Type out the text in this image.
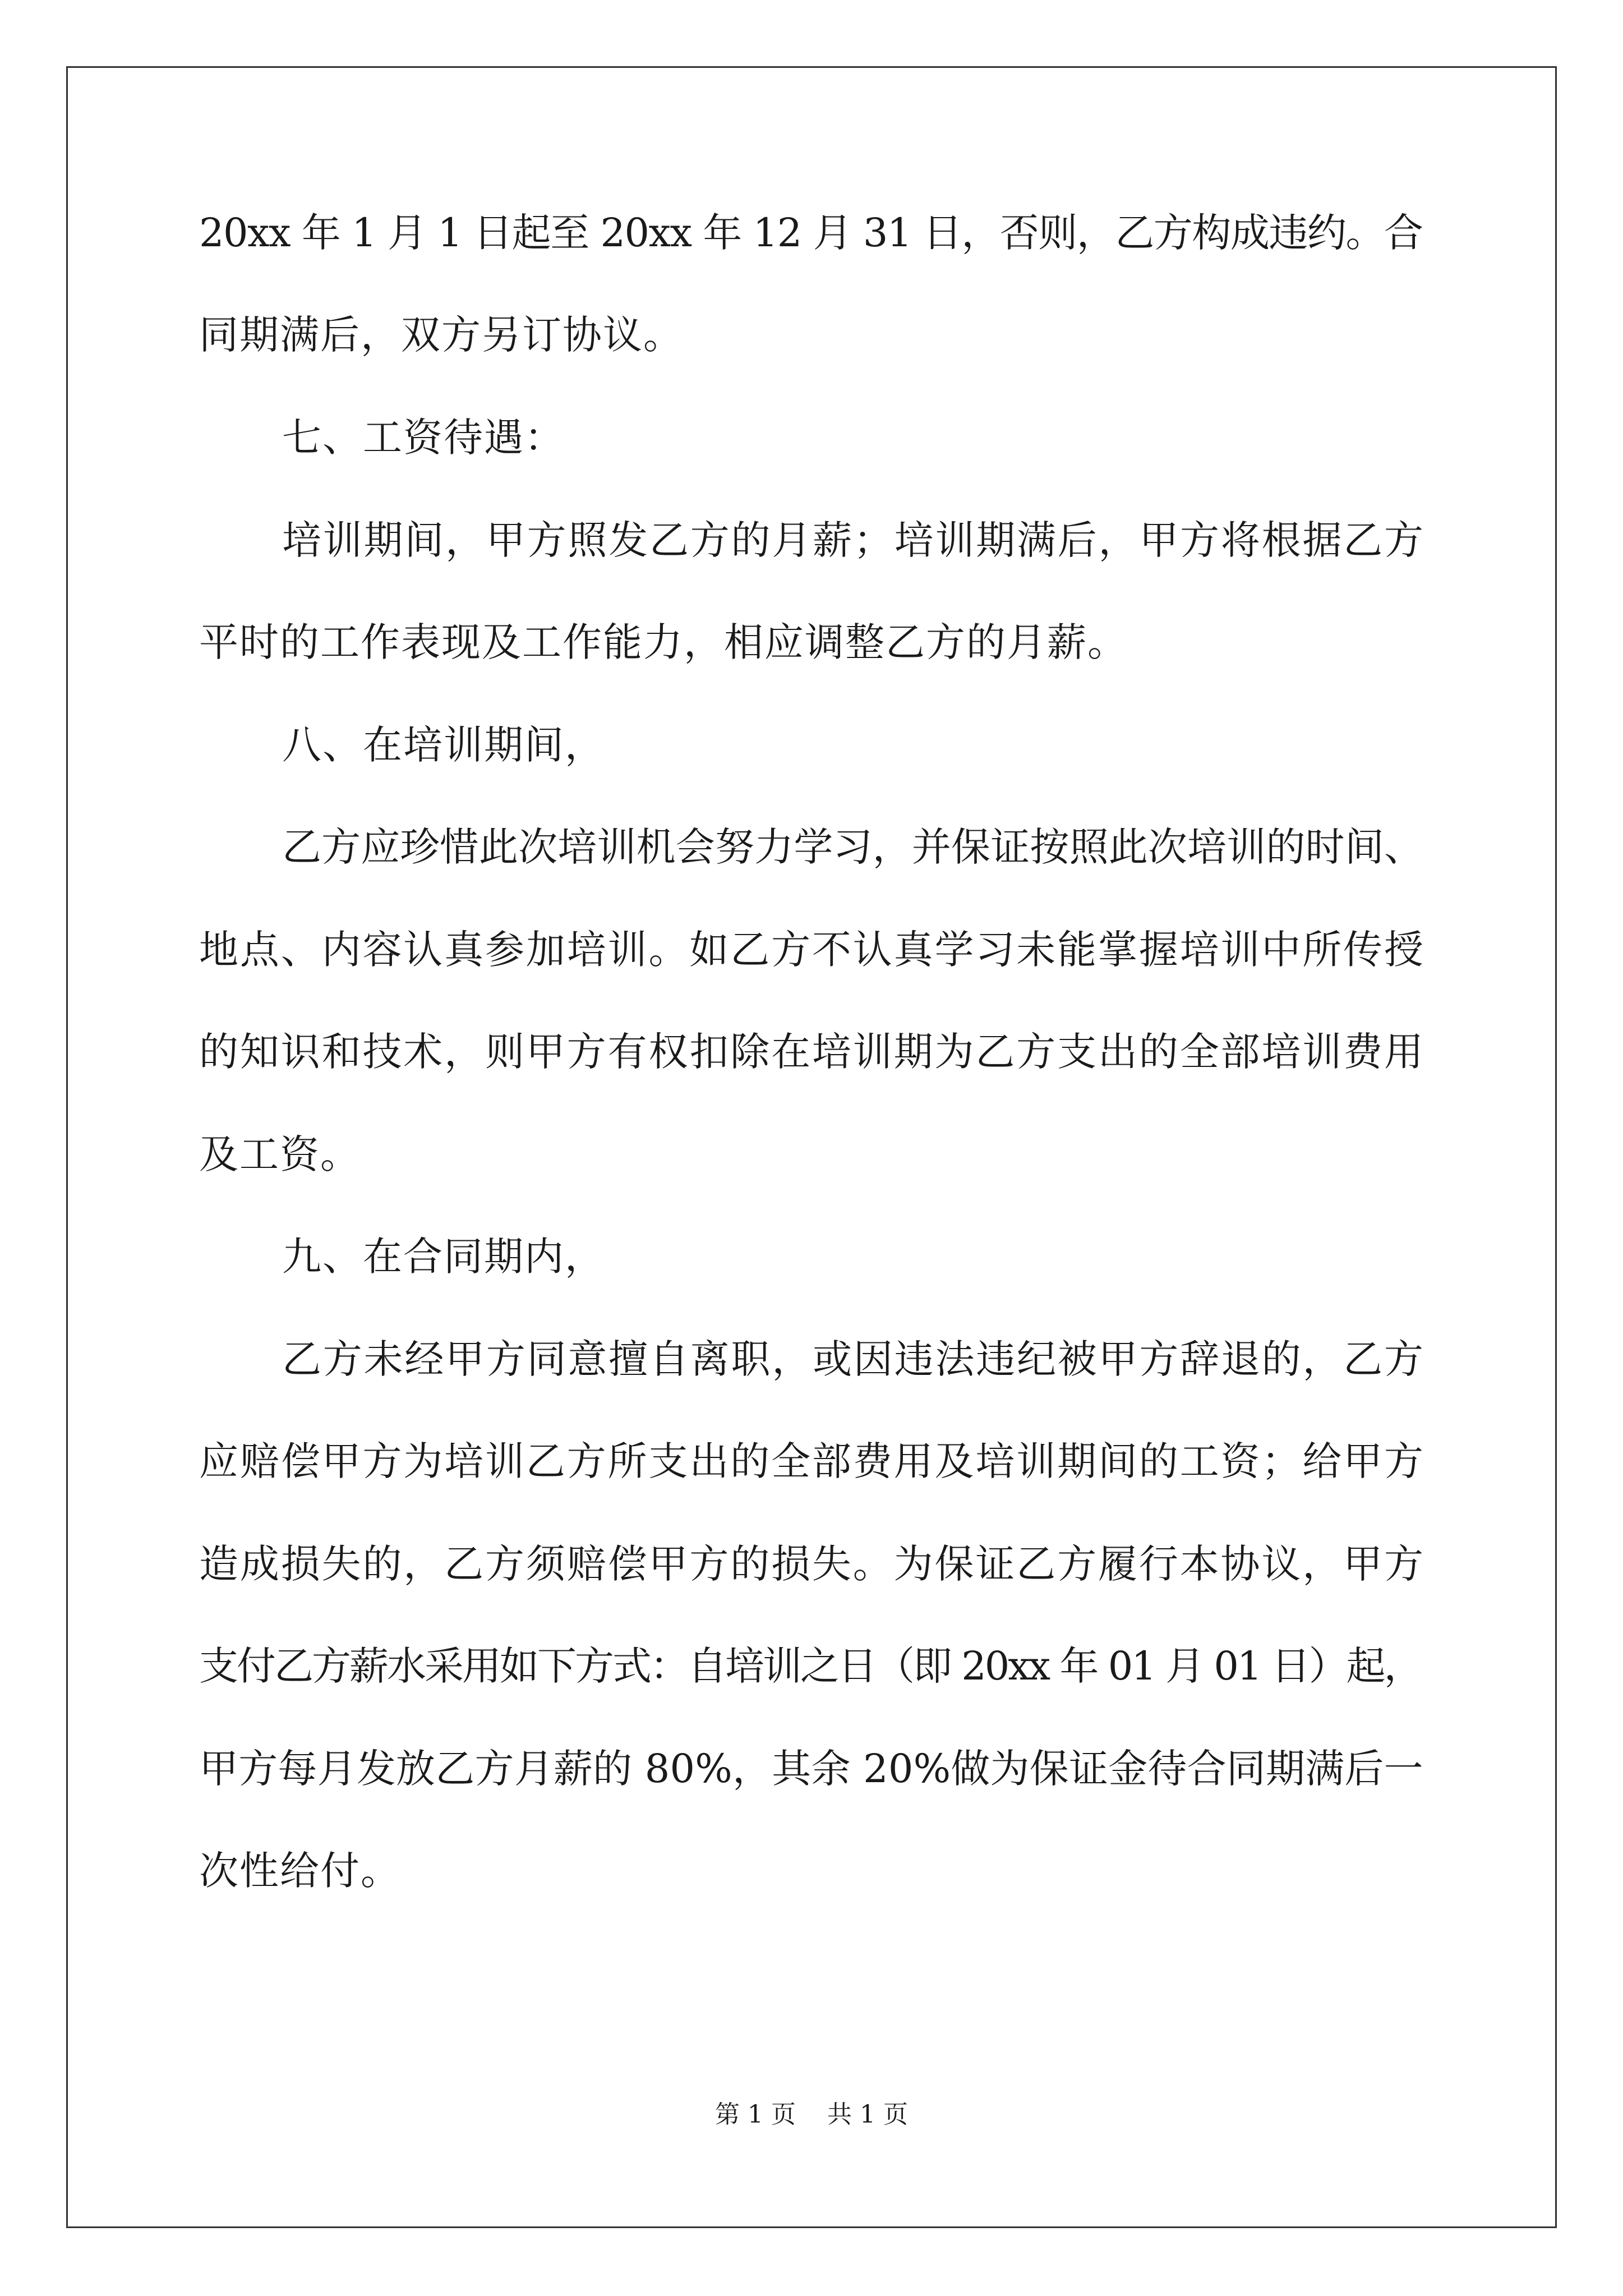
20xx 年 1 月 1 日起至 20xx 年 12 月 31 日，否则，乙方构成违约。合
同期满后，双方另订协议。
七、工资待遇：
培训期间，甲方照发乙方的月薪；培训期满后，甲方将根据乙方
平时的工作表现及工作能力，相应调整乙方的月薪。
八、在培训期间，
乙方应珍惜此次培训机会努力学习，并保证按照此次培训的时间、
地点、内容认真参加培训。如乙方不认真学习未能掌握培训中所传授
的知识和技术，则甲方有权扣除在培训期为乙方支出的全部培训费用
及工资。
九、在合同期内，
乙方未经甲方同意擅自离职，或因违法违纪被甲方辞退的，乙方
应赔偿甲方为培训乙方所支出的全部费用及培训期间的工资；给甲方
造成损失的，乙方须赔偿甲方的损失。为保证乙方履行本协议，甲方
支付乙方薪水采用如下方式：自培训之日（即 20xx 年 01 月 01 日）起，
甲方每月发放乙方月薪的 80%，其余 20%做为保证金待合同期满后一
次性给付。
第 1 页 共 1 页
